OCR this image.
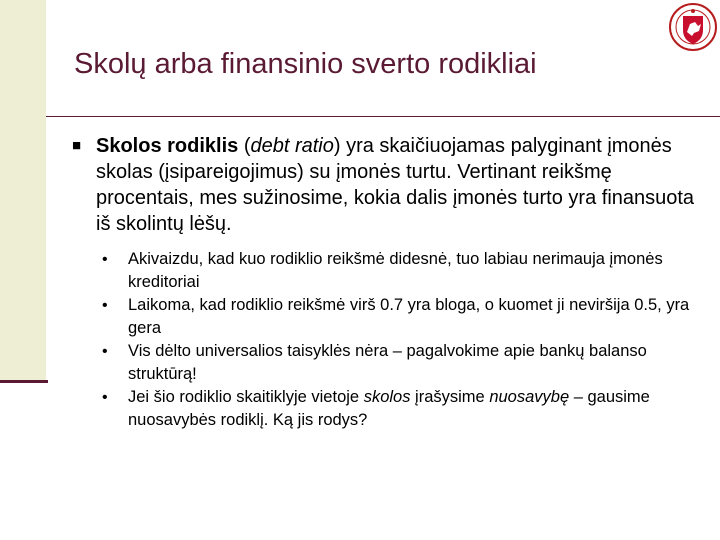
Skolų arba finansinio sverto rodikliai
■ Skolos rodiklis (debt ratio) yra skaičiuojamas palyginant įmonės skolas (įsipareigojimus) su įmonės turtu. Vertinant reikšmę procentais, mes sužinosime, kokia dalis įmonės turto yra finansuota iš skolintų lėšų.
• Akivaizdu, kad kuo rodiklio reikšmė didesnė, tuo labiau nerimauja įmonės kreditoriai
• Laikoma, kad rodiklio reikšmė virš 0.7 yra bloga, o kuomet ji neviršija 0.5, yra gera
• Vis dėlto universalios taisyklės nėra – pagalvokime apie bankų balanso struktūrą!
• Jei šio rodiklio skaitiklyje vietoje skolos įrašysime nuosavybę – gausime nuosavybės rodiklį. Ką jis rodys?
